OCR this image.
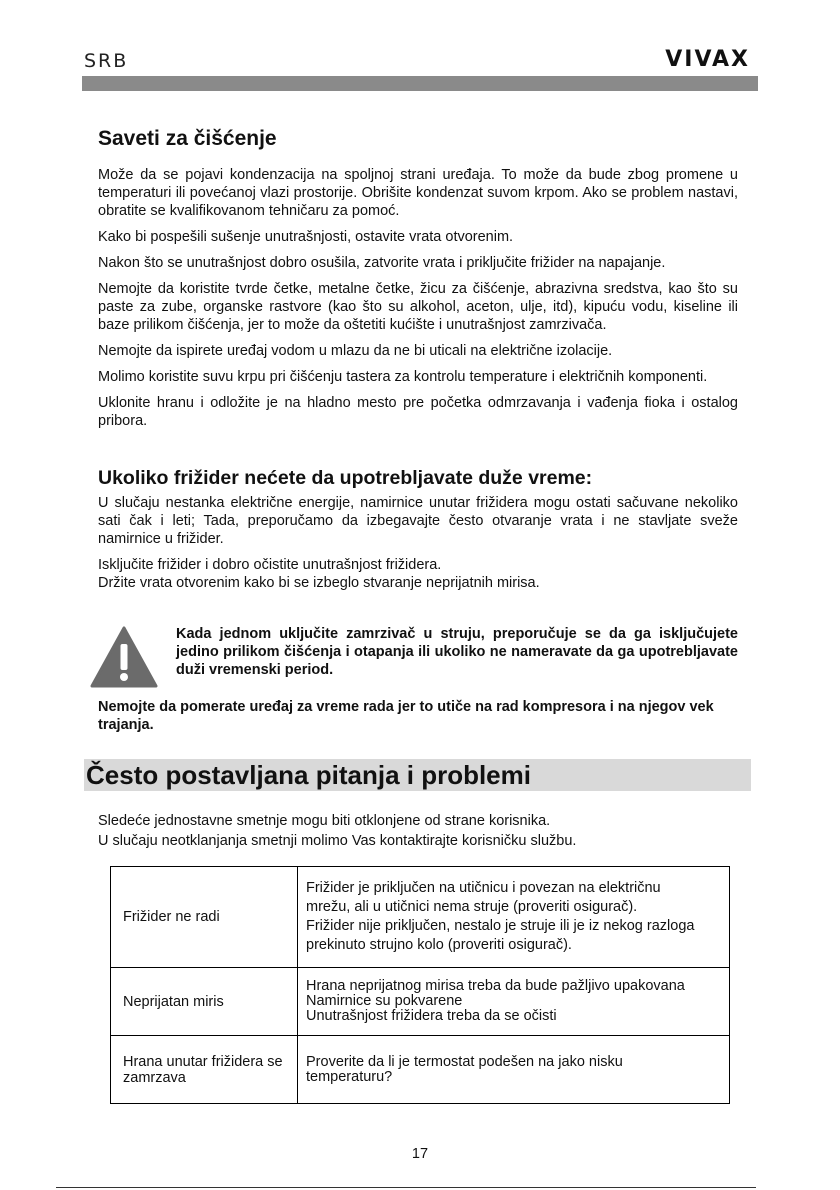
SRB	VIVAX
Saveti za čišćenje

Može da se pojavi kondenzacija na spoljnoj strani uređaja. To može da bude zbog promene u temperaturi ili povećanoj vlazi prostorije. Obrišite kondenzat suvom krpom. Ako se problem nastavi, obratite se kvalifikovanom tehničaru za pomoć.

Kako bi pospešili sušenje unutrašnjosti, ostavite vrata otvorenim.

Nakon što se unutrašnjost dobro osušila, zatvorite vrata i priključite frižider na napajanje.

Nemojte da koristite tvrde četke, metalne četke, žicu za čišćenje, abrazivna sredstva, kao što su paste za zube, organske rastvore (kao što su alkohol, aceton, ulje, itd), kipuću vodu, kiseline ili baze prilikom čišćenja, jer to može da oštetiti kućište i unutrašnjost zamrzivača.

Nemojte da ispirete uređaj vodom u mlazu da ne bi uticali na električne izolacije.

Molimo koristite suvu krpu pri čišćenju tastera za kontrolu temperature i električnih komponenti.

Uklonite hranu i odložite je na hladno mesto pre početka odmrzavanja i vađenja fioka i ostalog pribora.

Ukoliko frižider nećete da upotrebljavate duže vreme:

U slučaju nestanka električne energije, namirnice unutar frižidera mogu ostati sačuvane nekoliko sati čak i leti; Tada, preporučamo da izbegavajte često otvaranje vrata i ne stavljate sveže namirnice u frižider.

Isključite frižider i dobro očistite unutrašnjost frižidera.

Držite vrata otvorenim kako bi se izbeglo stvaranje neprijatnih mirisa.

Kada jednom uključite zamrzivač u struju, preporučuje se da ga isključujete jedino prilikom čišćenja i otapanja ili ukoliko ne nameravate da ga upotrebljavate duži vremenski period.
Nemojte da pomerate uređaj za vreme rada jer to utiče na rad kompresora i na njegov vek trajanja.
Često postavljana pitanja i problemi
Sledeće jednostavne smetnje mogu biti otklonjene od strane korisnika.
U slučaju neotklanjanja smetnji molimo Vas kontaktirajte korisničku službu.
Frižider ne radi	Frižider je priključen na utičnicu i povezan na električnu
mrežu, ali u utičnici nema struje (proveriti osigurač).
Frižider nije priključen, nestalo je struje ili je iz nekog razloga
prekinuto strujno kolo (proveriti osigurač).

Neprijatan miris	Hrana neprijatnog mirisa treba da bude pažljivo upakovana
Namirnice su pokvarene
Unutrašnjost frižidera treba da se očisti

Hrana unutar frižidera se zamrzava	Proverite da li je termostat podešen na jako nisku
temperaturu?
17
